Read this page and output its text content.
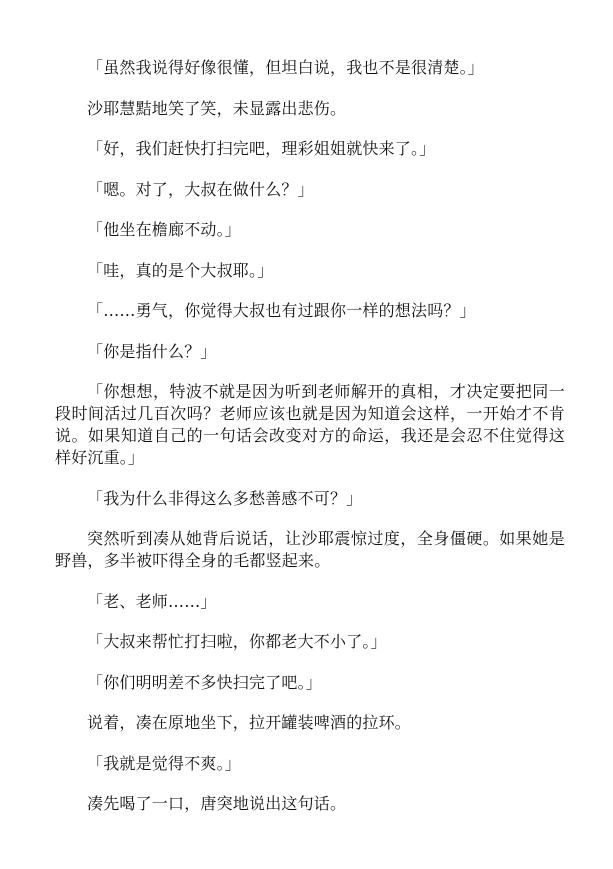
「虽然我说得好像很懂，但坦白说，我也不是很清楚。」

沙耶慧黠地笑了笑，未显露出悲伤。

「好，我们赶快打扫完吧，理彩姐姐就快来了。」

「嗯。对了，大叔在做什么？」

「他坐在檐廊不动。」

「哇，真的是个大叔耶。」

「……勇气，你觉得大叔也有过跟你一样的想法吗？」

「你是指什么？」

「你想想，特波不就是因为听到老师解开的真相，才决定要把同一段时间活过几百次吗？老师应该也就是因为知道会这样，一开始才不肯说。如果知道自己的一句话会改变对方的命运，我还是会忍不住觉得这样好沉重。」

「我为什么非得这么多愁善感不可？」

突然听到凑从她背后说话，让沙耶震惊过度，全身僵硬。如果她是野兽，多半被吓得全身的毛都竖起来。

「老、老师……」

「大叔来帮忙打扫啦，你都老大不小了。」

「你们明明差不多快扫完了吧。」

说着，凑在原地坐下，拉开罐装啤酒的拉环。

「我就是觉得不爽。」

凑先喝了一口，唐突地说出这句话。
